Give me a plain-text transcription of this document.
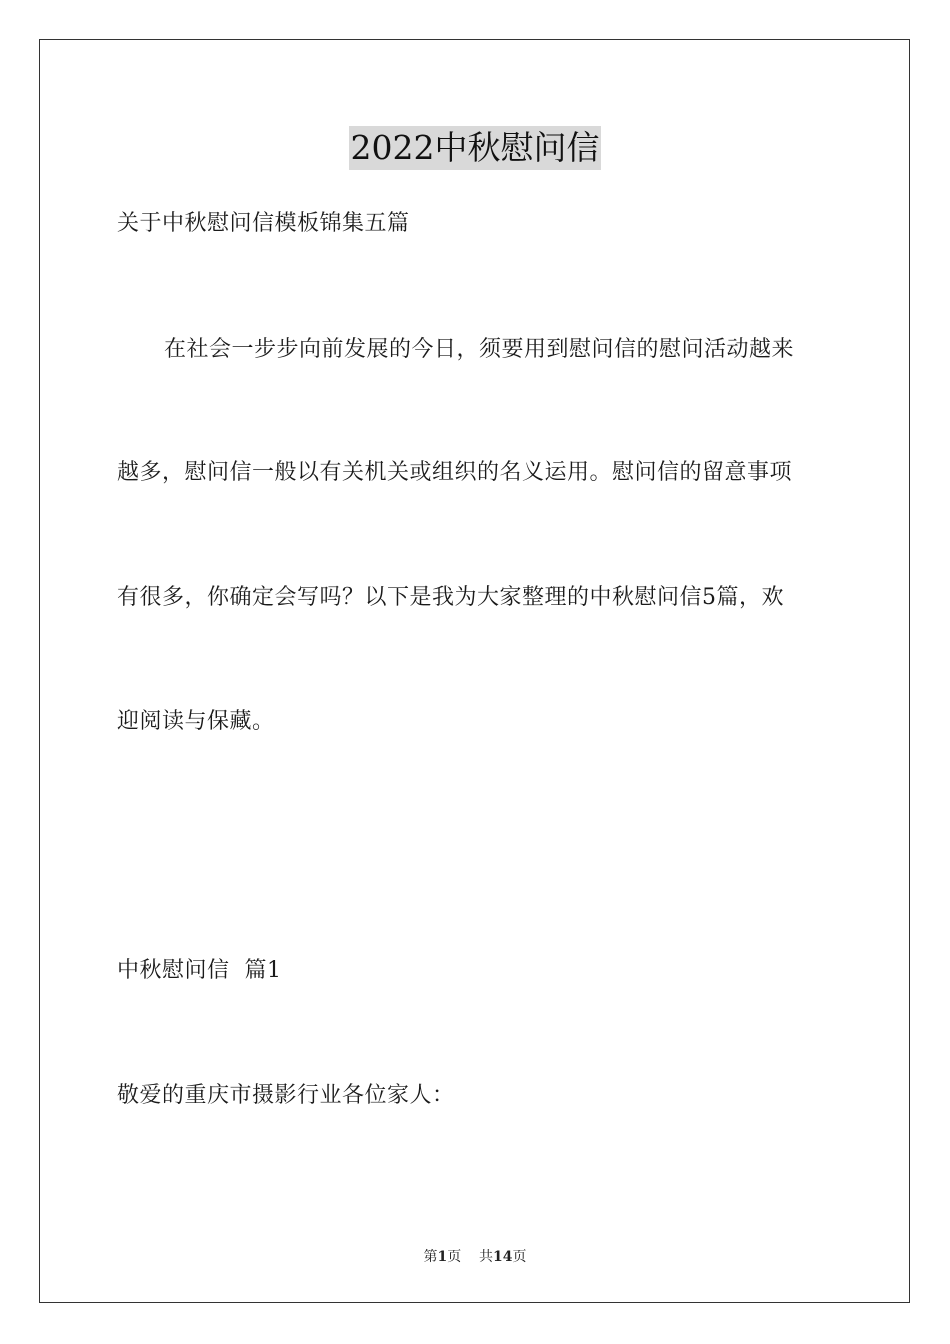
2022中秋慰问信
关于中秋慰问信模板锦集五篇
在社会一步步向前发展的今日，须要用到慰问信的慰问活动越来
越多，慰问信一般以有关机关或组织的名义运用。慰问信的留意事项
有很多，你确定会写吗？以下是我为大家整理的中秋慰问信5篇，欢
迎阅读与保藏。
中秋慰问信  篇1
敬爱的重庆市摄影行业各位家人：
第1页 共14页
